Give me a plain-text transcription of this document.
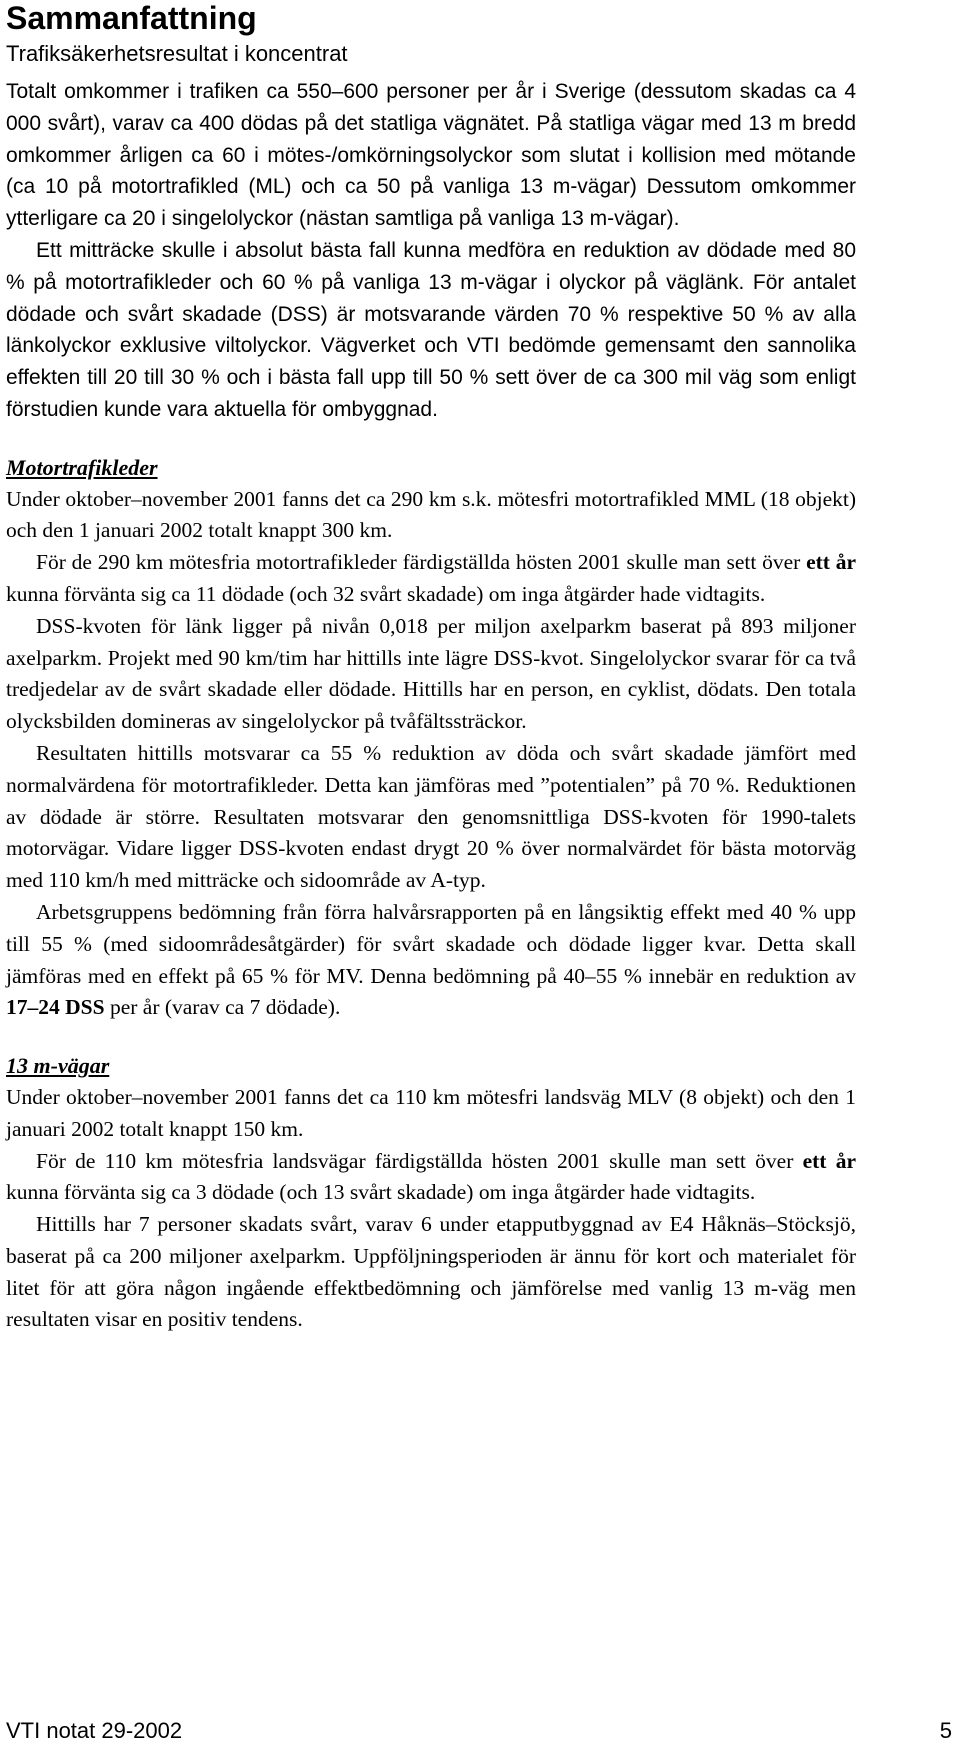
Sammanfattning
Trafiksäkerhetsresultat i koncentrat

Totalt omkommer i trafiken ca 550–600 personer per år i Sverige (dessutom skadas ca 4 000 svårt), varav ca 400 dödas på det statliga vägnätet. På statliga vägar med 13 m bredd omkommer årligen ca 60 i mötes-/omkörningsolyckor som slutat i kollision med mötande (ca 10 på motortrafikled (ML) och ca 50 på vanliga 13 m-vägar) Dessutom omkommer ytterligare ca 20 i singelolyckor (nästan samtliga på vanliga 13 m-vägar).

Ett mitträcke skulle i absolut bästa fall kunna medföra en reduktion av dödade med 80 % på motortrafikleder och 60 % på vanliga 13 m-vägar i olyckor på väglänk. För antalet dödade och svårt skadade (DSS) är motsvarande värden 70 % respektive 50 % av alla länkolyckor exklusive viltolyckor. Vägverket och VTI bedömde gemensamt den sannolika effekten till 20 till 30 % och i bästa fall upp till 50 % sett över de ca 300 mil väg som enligt förstudien kunde vara aktuella för ombyggnad.

Motortrafikleder

Under oktober–november 2001 fanns det ca 290 km s.k. mötesfri motortrafikled MML (18 objekt) och den 1 januari 2002 totalt knappt 300 km.

För de 290 km mötesfria motortrafikleder färdigställda hösten 2001 skulle man sett över ett år kunna förvänta sig ca 11 dödade (och 32 svårt skadade) om inga åtgärder hade vidtagits.

DSS-kvoten för länk ligger på nivån 0,018 per miljon axelparkm baserat på 893 miljoner axelparkm. Projekt med 90 km/tim har hittills inte lägre DSS-kvot. Singelolyckor svarar för ca två tredjedelar av de svårt skadade eller dödade. Hittills har en person, en cyklist, dödats. Den totala olycksbilden domineras av singelolyckor på tvåfältssträckor.

Resultaten hittills motsvarar ca 55 % reduktion av döda och svårt skadade jämfört med normalvärdena för motortrafikleder. Detta kan jämföras med ”potentialen” på 70 %. Reduktionen av dödade är större. Resultaten motsvarar den genomsnittliga DSS-kvoten för 1990-talets motorvägar. Vidare ligger DSS-kvoten endast drygt 20 % över normalvärdet för bästa motorväg med 110 km/h med mitträcke och sidoområde av A-typ.

Arbetsgruppens bedömning från förra halvårsrapporten på en långsiktig effekt med 40 % upp till 55 % (med sidoområdesåtgärder) för svårt skadade och dödade ligger kvar. Detta skall jämföras med en effekt på 65 % för MV. Denna bedömning på 40–55 % innebär en reduktion av 17–24 DSS per år (varav ca 7 dödade).

13 m-vägar

Under oktober–november 2001 fanns det ca 110 km mötesfri landsväg MLV (8 objekt) och den 1 januari 2002 totalt knappt 150 km.

För de 110 km mötesfria landsvägar färdigställda hösten 2001 skulle man sett över ett år kunna förvänta sig ca 3 dödade (och 13 svårt skadade) om inga åtgärder hade vidtagits.

Hittills har 7 personer skadats svårt, varav 6 under etapputbyggnad av E4 Håknäs–Stöcksjö, baserat på ca 200 miljoner axelparkm. Uppföljningsperioden är ännu för kort och materialet för litet för att göra någon ingående effektbedömning och jämförelse med vanlig 13 m-väg men resultaten visar en positiv tendens.

VTI notat 29-2002	5
